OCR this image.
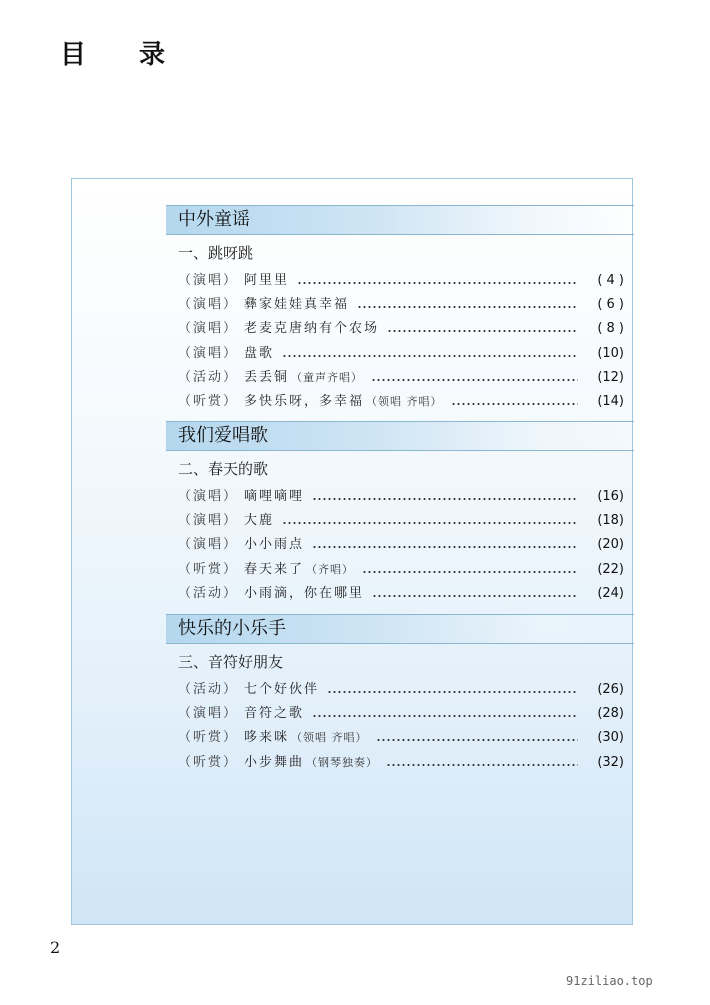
目 录
中外童谣
一、跳呀跳
（演唱） 阿里里	( 4 )
（演唱） 彝家娃娃真幸福	( 6 )
（演唱） 老麦克唐纳有个农场	( 8 )
（演唱） 盘歌	(10)
（活动） 丢丢铜 （童声齐唱）	(12)
（听赏） 多快乐呀，多幸福 （领唱 齐唱）	(14)
我们爱唱歌
二、春天的歌
（演唱） 嘀哩嘀哩	(16)
（演唱） 大鹿	(18)
（演唱） 小小雨点	(20)
（听赏） 春天来了 （齐唱）	(22)
（活动） 小雨滴，你在哪里	(24)
快乐的小乐手
三、音符好朋友
（活动） 七个好伙伴	(26)
（演唱） 音符之歌	(28)
（听赏） 哆来咪 （领唱 齐唱）	(30)
（听赏） 小步舞曲 （钢琴独奏）	(32)
2
91ziliao.top
